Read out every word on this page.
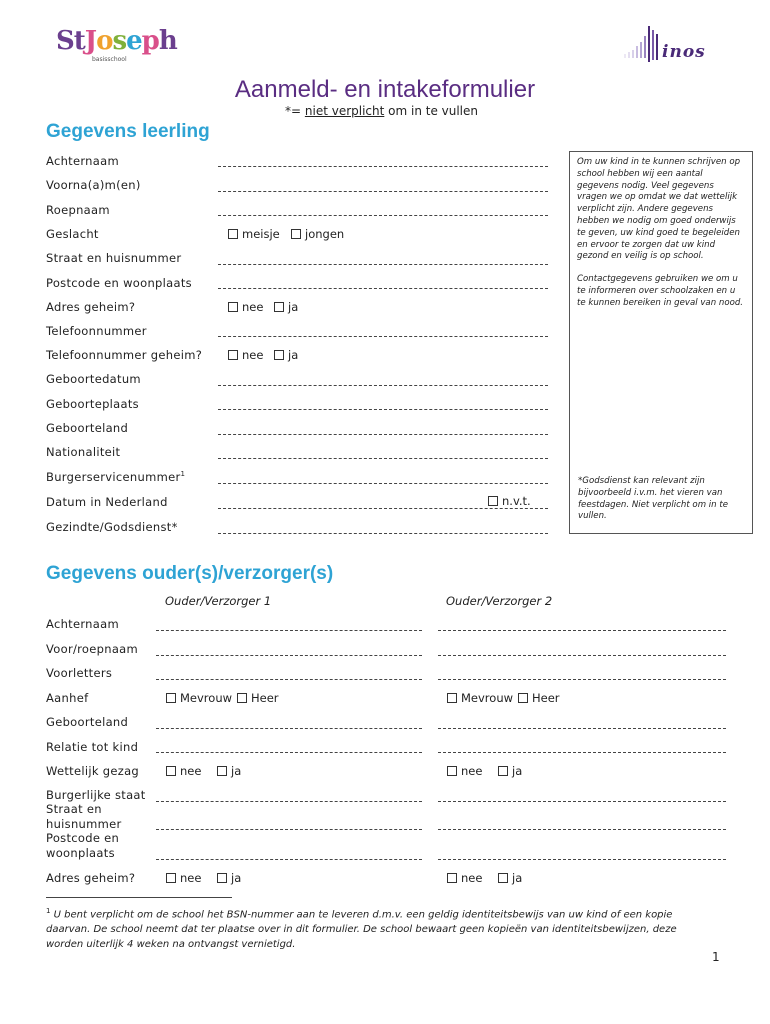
StJoseph
basisschool	inos
Aanmeld- en intakeformulier
*= niet verplicht om in te vullen
Gegevens leerling
Achternaam
Voorna(a)m(en)
Roepnaam
Geslacht	meisje	jongen
Straat en huisnummer
Postcode en woonplaats
Adres geheim?	nee	ja
Telefoonnummer
Telefoonnummer geheim?	nee	ja
Geboortedatum
Geboorteplaats
Geboorteland
Nationaliteit
Burgerservicenummer$^1$
Datum in Nederland	n.v.t.
Gezindte/Godsdienst*

Om uw kind in te kunnen schrijven op school hebben wij een aantal gegevens nodig. Veel gegevens vragen we op omdat we dat wettelijk verplicht zijn. Andere gegevens hebben we nodig om goed onderwijs te geven, uw kind goed te begeleiden en ervoor te zorgen dat uw kind gezond en veilig is op school.

Contactgegevens gebruiken we om u te informeren over schoolzaken en u te kunnen bereiken in geval van nood.

*Godsdienst kan relevant zijn bijvoorbeeld i.v.m. het vieren van feestdagen. Niet verplicht om in te vullen.

Gegevens ouder(s)/verzorger(s)
Ouder/Verzorger 1	Ouder/Verzorger 2
Achternaam
Voor/roepnaam
Voorletters
Aanhef	Mevrouw	Heer	Mevrouw	Heer
Geboorteland
Relatie tot kind
Wettelijk gezag	nee	ja	nee	ja
Burgerlijke staat
Straat en
huisnummer
Postcode en
woonplaats
Adres geheim?	nee	ja	nee	ja
$^1$ U bent verplicht om de school het BSN-nummer aan te leveren d.m.v. een geldig identiteitsbewijs van uw kind of een kopie daarvan. De school neemt dat ter plaatse over in dit formulier. De school bewaart geen kopieën van identiteitsbewijzen, deze worden uiterlijk 4 weken na ontvangst vernietigd.
1
